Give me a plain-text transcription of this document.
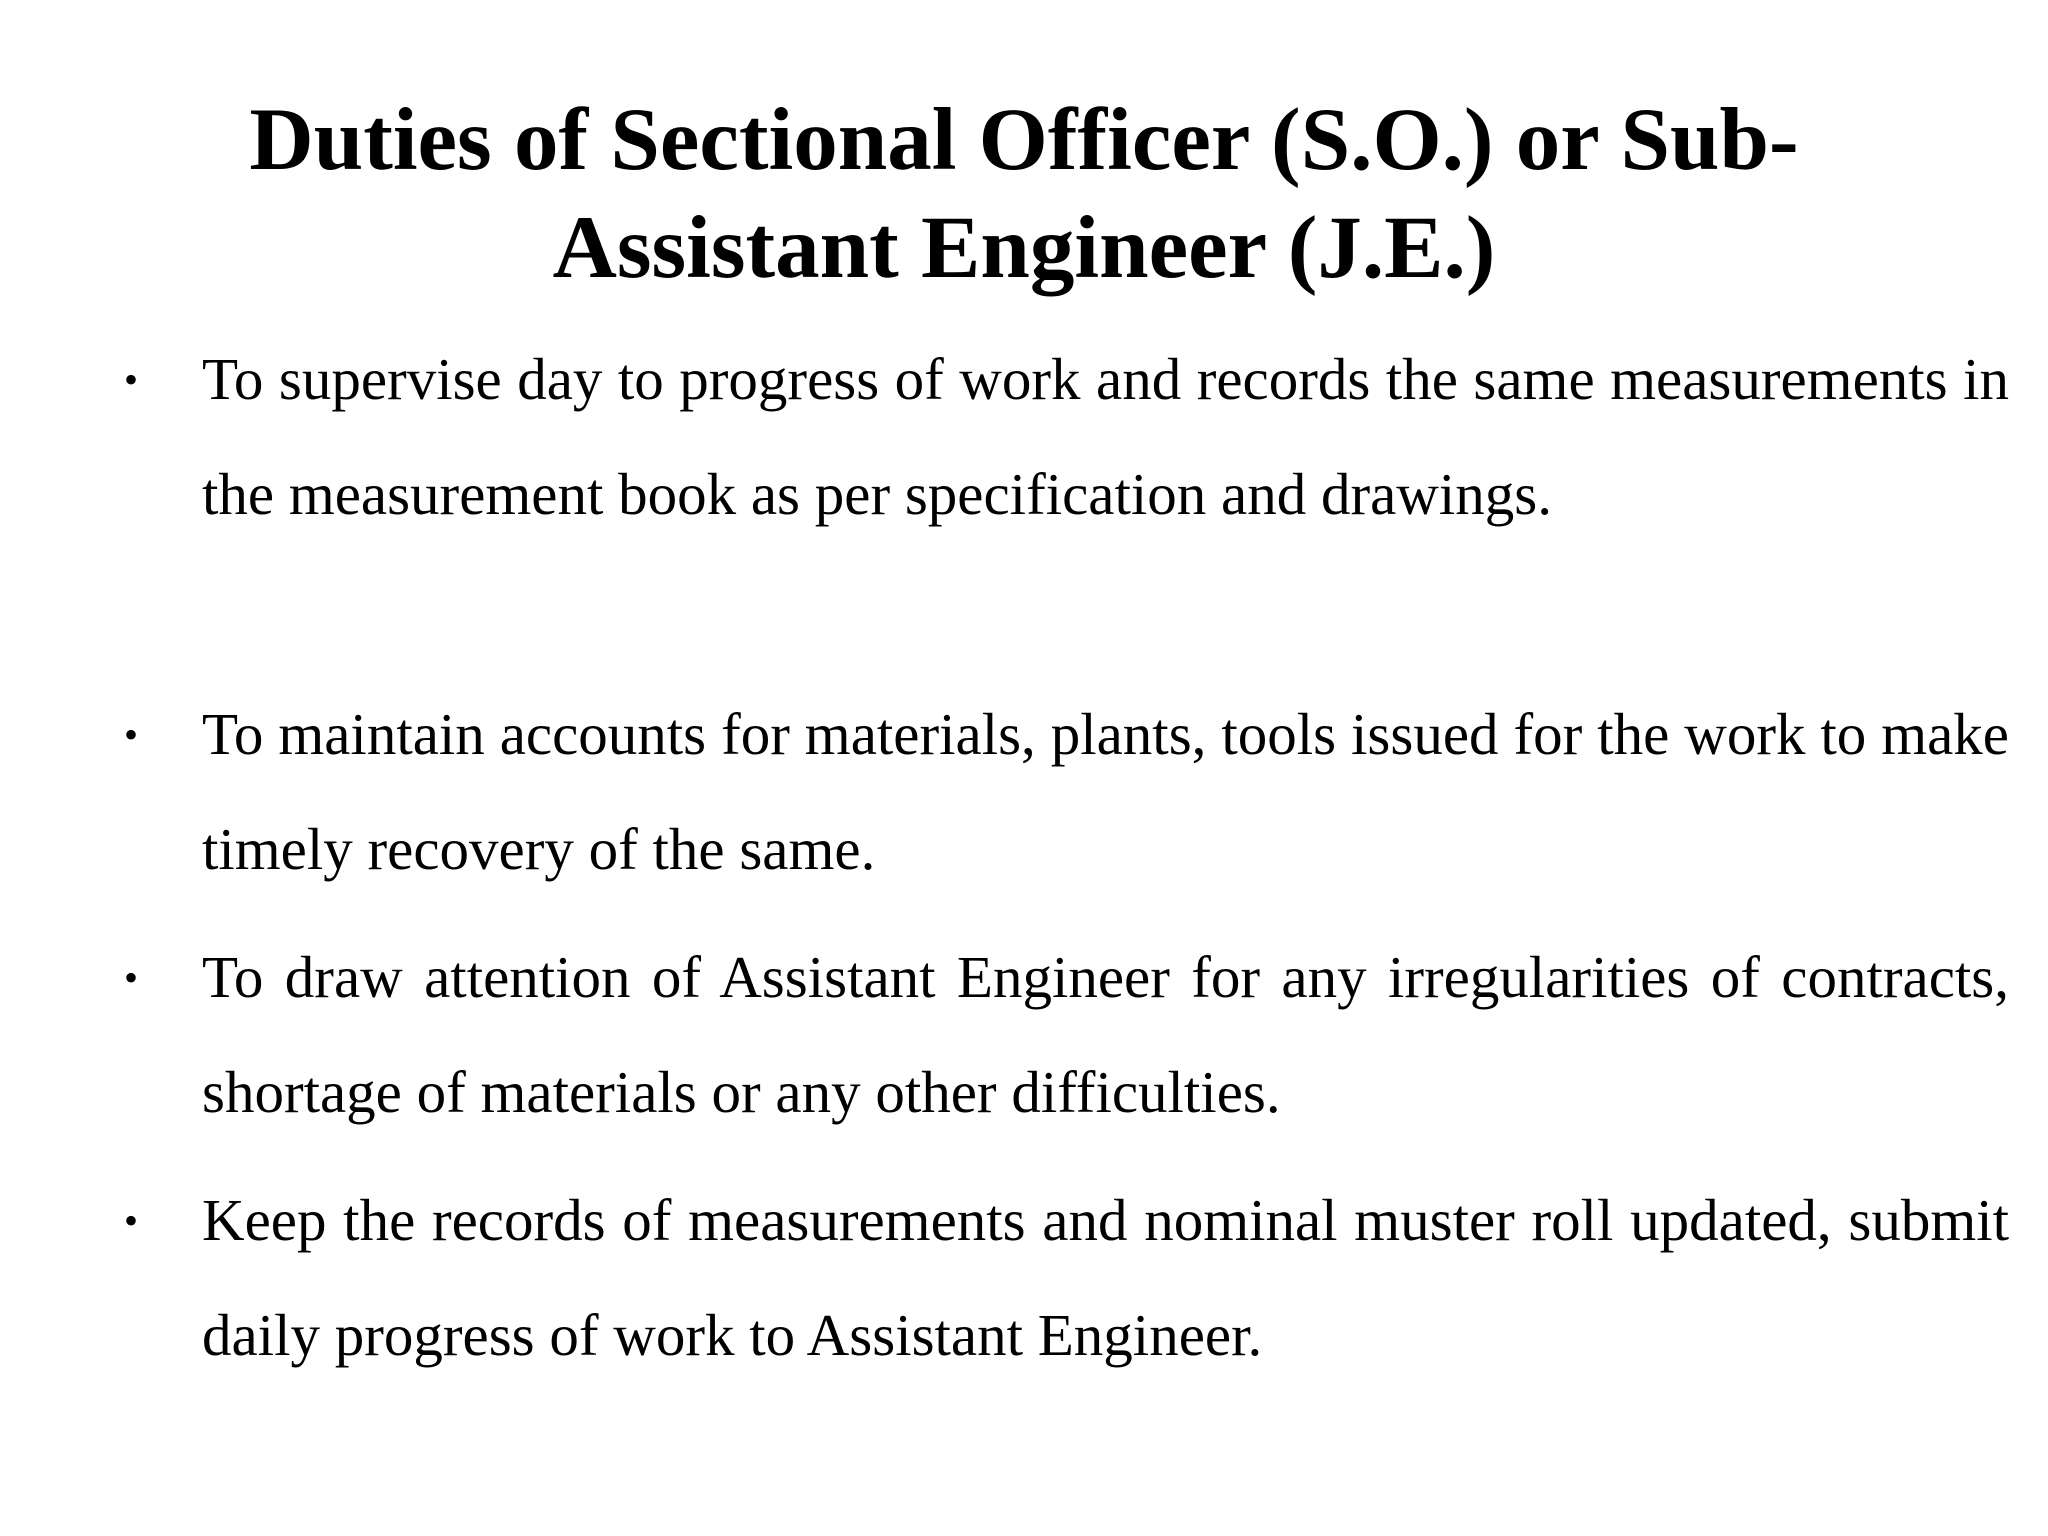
Duties of Sectional Officer (S.O.) or Sub-
Assistant Engineer (J.E.)
• To supervise day to progress of work and records the same measurements in the measurement book as per specification and drawings.

• To maintain accounts for materials, plants, tools issued for the work to make timely recovery of the same.

• To draw attention of Assistant Engineer for any irregularities of contracts, shortage of materials or any other difficulties.

• Keep the records of measurements and nominal muster roll updated, submit daily progress of work to Assistant Engineer.
